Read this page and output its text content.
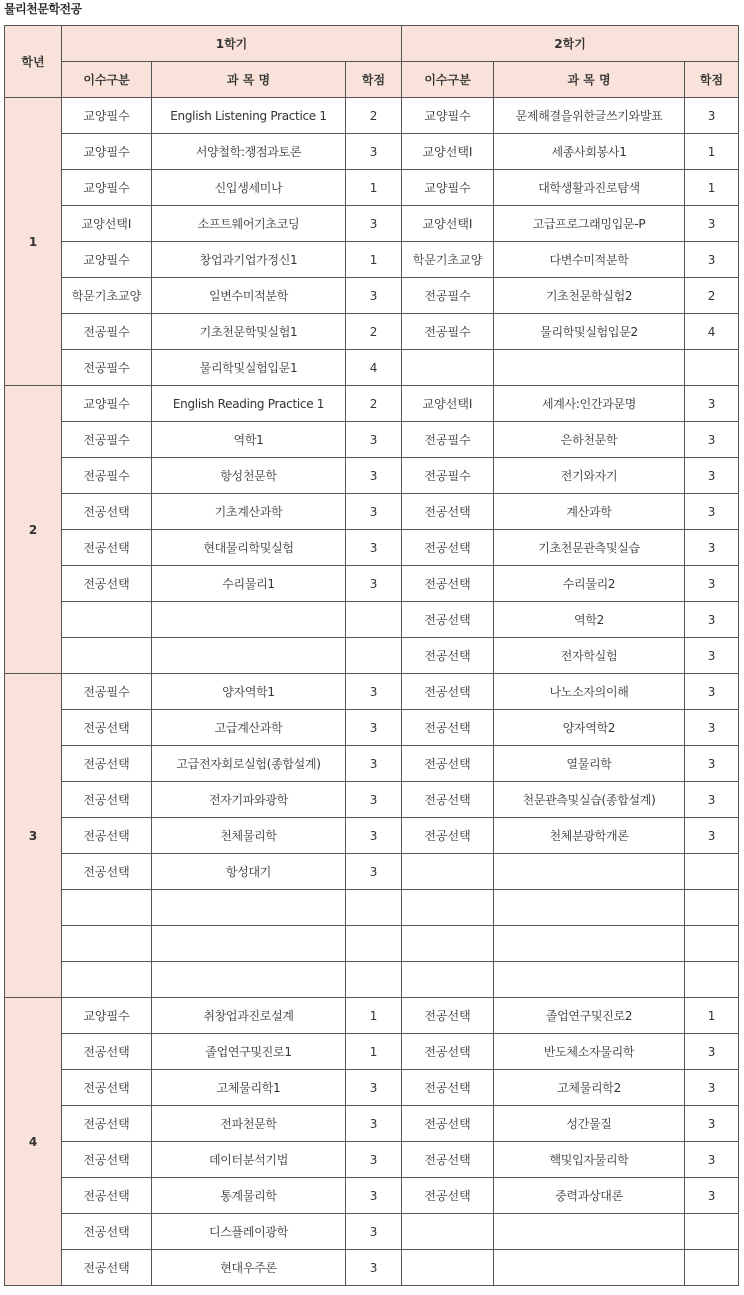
물리천문학전공
학년	1학기			2학기		
	이수구분	과 목 명	학점	이수구분	과 목 명	학점
1	교양필수	English Listening Practice 1	2	교양필수	문제해결을위한글쓰기와발표	3
	교양필수	서양철학:쟁점과토론	3	교양선택Ⅰ	세종사회봉사1	1
	교양필수	신입생세미나	1	교양필수	대학생활과진로탐색	1
	교양선택Ⅰ	소프트웨어기초코딩	3	교양선택Ⅰ	고급프로그래밍입문-P	3
	교양필수	창업과기업가정신1	1	학문기초교양	다변수미적분학	3
	학문기초교양	일변수미적분학	3	전공필수	기초천문학실험2	2
	전공필수	기초천문학및실험1	2	전공필수	물리학및실험입문2	4
	전공필수	물리학및실험입문1	4			
2	교양필수	English Reading Practice 1	2	교양선택Ⅰ	세계사:인간과문명	3
	전공필수	역학1	3	전공필수	은하천문학	3
	전공필수	항성천문학	3	전공필수	전기와자기	3
	전공선택	기초계산과학	3	전공선택	계산과학	3
	전공선택	현대물리학및실험	3	전공선택	기초천문관측및실습	3
	전공선택	수리물리1	3	전공선택	수리물리2	3
				전공선택	역학2	3
				전공선택	전자학실험	3
3	전공필수	양자역학1	3	전공선택	나노소자의이해	3
	전공선택	고급계산과학	3	전공선택	양자역학2	3
	전공선택	고급전자회로실험(종합설계)	3	전공선택	열물리학	3
	전공선택	전자기파와광학	3	전공선택	천문관측및실습(종합설계)	3
	전공선택	천체물리학	3	전공선택	천체분광학개론	3
	전공선택	항성대기	3			

4	교양필수	취창업과진로설계	1	전공선택	졸업연구및진로2	1
	전공선택	졸업연구및진로1	1	전공선택	반도체소자물리학	3
	전공선택	고체물리학1	3	전공선택	고체물리학2	3
	전공선택	전파천문학	3	전공선택	성간물질	3
	전공선택	데이터분석기법	3	전공선택	핵및입자물리학	3
	전공선택	통계물리학	3	전공선택	중력과상대론	3
	전공선택	디스플레이광학	3			
	전공선택	현대우주론	3			
